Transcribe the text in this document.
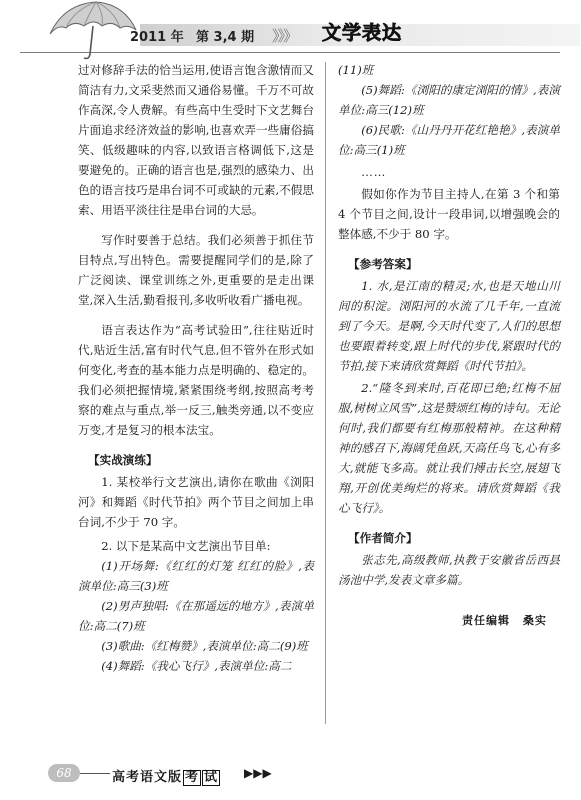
2011 年 第 3,4 期 》》》 文学表达

过对修辞手法的恰当运用,使语言饱含激情而又简洁有力,文采斐然而又通俗易懂。千万不可故作高深,令人费解。有些高中生受时下文艺舞台片面追求经济效益的影响,也喜欢弄一些庸俗搞笑、低级趣味的内容,以致语言格调低下,这是要避免的。正确的语言也是,强烈的感染力、出色的语言技巧是串台词不可或缺的元素,不假思索、用语平淡往往是串台词的大忌。

写作时要善于总结。我们必须善于抓住节目特点,写出特色。需要提醒同学们的是,除了广泛阅读、课堂训练之外,更重要的是走出课堂,深入生活,勤看报刊,多收听收看广播电视。

语言表达作为“高考试验田”,往往贴近时代,贴近生活,富有时代气息,但不管外在形式如何变化,考查的基本能力点是明确的、稳定的。我们必须把握情境,紧紧围绕考纲,按照高考考察的难点与重点,举一反三,触类旁通,以不变应万变,才是复习的根本法宝。

【实战演练】

1. 某校举行文艺演出,请你在歌曲《浏阳河》和舞蹈《时代节拍》两个节目之间加上串台词,不少于 70 字。

2. 以下是某高中文艺演出节目单:

(1)开场舞:《红红的灯笼 红红的脸》,表演单位:高三(3)班

(2)男声独唱:《在那遥远的地方》,表演单位:高二(7)班

(3)歌曲:《红梅赞》,表演单位:高二(9)班

(4)舞蹈:《我心飞行》,表演单位:高二

(11)班

(5)舞蹈:《浏阳的康定浏阳的情》,表演单位:高三(12)班

(6)民歌:《山丹丹开花红艳艳》,表演单位:高三(1)班

……

假如你作为节目主持人,在第 3 个和第 4 个节目之间,设计一段串词,以增强晚会的整体感,不少于 80 字。

【参考答案】

1. 水,是江南的精灵;水,也是天地山川间的积淀。浏阳河的水流了几千年,一直流到了今天。是啊,今天时代变了,人们的思想也要跟着转变,跟上时代的步伐,紧跟时代的节拍,接下来请欣赏舞蹈《时代节拍》。

2.“隆冬到来时,百花即已绝;红梅不屈服,树树立风雪”,这是赞颂红梅的诗句。无论何时,我们都要有红梅那般精神。在这种精神的感召下,海阔凭鱼跃,天高任鸟飞,心有多大,就能飞多高。就让我们搏击长空,展翅飞翔,开创优美绚烂的将来。请欣赏舞蹈《我心飞行》。

【作者简介】

张志先,高级教师,执教于安徽省岳西县汤池中学,发表文章多篇。

责任编辑 桑实
68	高考语文版 考 试 ▶▶▶
